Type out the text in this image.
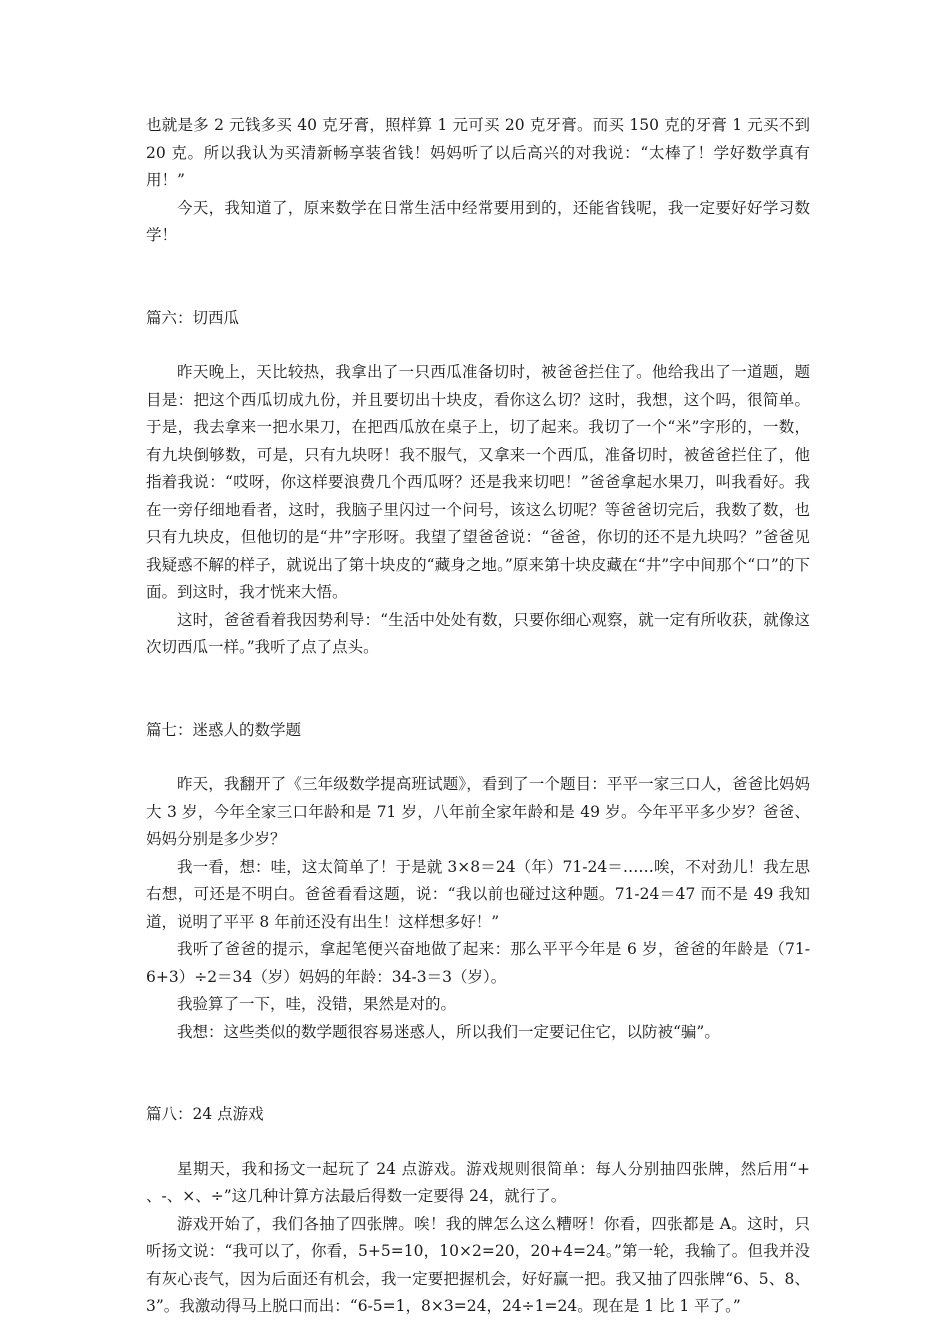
也就是多 2 元钱多买 40 克牙膏，照样算 1 元可买 20 克牙膏。而买 150 克的牙膏 1 元买不到 20 克。所以我认为买清新畅享装省钱！妈妈听了以后高兴的对我说：“太棒了！学好数学真有用！”

今天，我知道了，原来数学在日常生活中经常要用到的，还能省钱呢，我一定要好好学习数学！

篇六：切西瓜

昨天晚上，天比较热，我拿出了一只西瓜准备切时，被爸爸拦住了。他给我出了一道题，题目是：把这个西瓜切成九份，并且要切出十块皮，看你这么切？这时，我想，这个吗，很简单。于是，我去拿来一把水果刀，在把西瓜放在桌子上，切了起来。我切了一个“米”字形的，一数，有九块倒够数，可是，只有九块呀！我不服气，又拿来一个西瓜，准备切时，被爸爸拦住了，他指着我说：“哎呀，你这样要浪费几个西瓜呀？还是我来切吧！”爸爸拿起水果刀，叫我看好。我在一旁仔细地看者，这时，我脑子里闪过一个问号，该这么切呢？等爸爸切完后，我数了数，也只有九块皮，但他切的是“井”字形呀。我望了望爸爸说：“爸爸，你切的还不是九块吗？”爸爸见我疑惑不解的样子，就说出了第十块皮的“藏身之地。”原来第十块皮藏在“井”字中间那个“口”的下面。到这时，我才恍来大悟。

这时，爸爸看着我因势利导：“生活中处处有数，只要你细心观察，就一定有所收获，就像这次切西瓜一样。”我听了点了点头。

篇七：迷惑人的数学题

昨天，我翻开了《三年级数学提高班试题》，看到了一个题目：平平一家三口人，爸爸比妈妈大 3 岁，今年全家三口年龄和是 71 岁，八年前全家年龄和是 49 岁。今年平平多少岁？爸爸、妈妈分别是多少岁？

我一看，想：哇，这太简单了！于是就 3×8＝24（年）71-24＝……唉，不对劲儿！我左思右想，可还是不明白。爸爸看看这题，说：“我以前也碰过这种题。71-24＝47 而不是 49 我知道，说明了平平 8 年前还没有出生！这样想多好！”

我听了爸爸的提示，拿起笔便兴奋地做了起来：那么平平今年是 6 岁，爸爸的年龄是（71-6+3）÷2＝34（岁）妈妈的年龄：34-3＝3（岁）。

我验算了一下，哇，没错，果然是对的。

我想：这些类似的数学题很容易迷惑人，所以我们一定要记住它，以防被“骗”。

篇八：24 点游戏

星期天，我和扬文一起玩了 24 点游戏。游戏规则很简单：每人分别抽四张牌，然后用“+ 、-、×、÷”这几种计算方法最后得数一定要得 24，就行了。

游戏开始了，我们各抽了四张牌。唉！我的牌怎么这么糟呀！你看，四张都是 A。这时，只听扬文说：“我可以了，你看，5+5=10，10×2=20，20+4=24。”第一轮，我输了。但我并没有灰心丧气，因为后面还有机会，我一定要把握机会，好好赢一把。我又抽了四张牌“6、5、8、3”。我激动得马上脱口而出：“6-5=1，8×3=24，24÷1=24。现在是 1 比 1 平了。”
